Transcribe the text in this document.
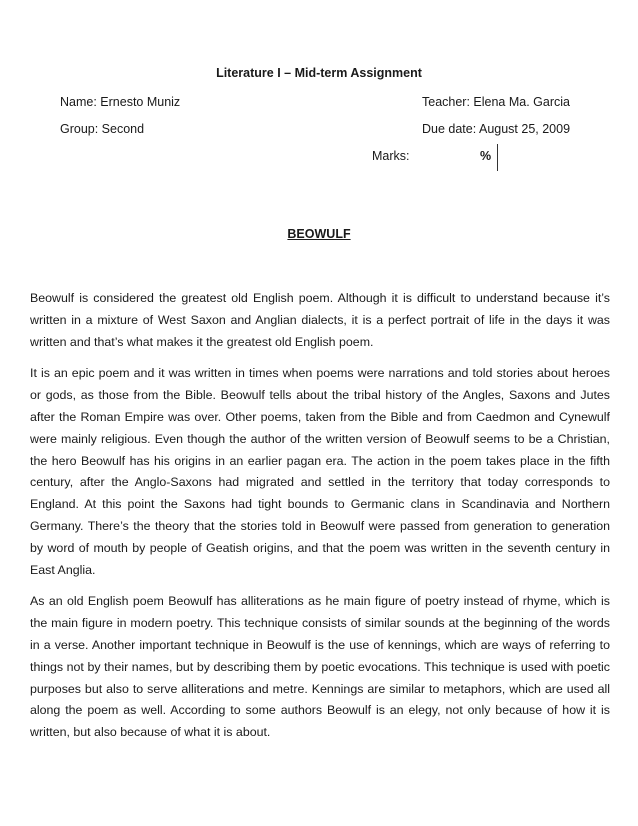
Literature I – Mid-term Assignment
Name: Ernesto Muniz
Group: Second
Teacher: Elena Ma. Garcia
Due date: August 25, 2009
Marks:	%
BEOWULF

Beowulf is considered the greatest old English poem. Although it is difficult to understand because it’s written in a mixture of West Saxon and Anglian dialects, it is a perfect portrait of life in the days it was written and that’s what makes it the greatest old English poem.

It is an epic poem and it was written in times when poems were narrations and told stories about heroes or gods, as those from the Bible. Beowulf tells about the tribal history of the Angles, Saxons and Jutes after the Roman Empire was over. Other poems, taken from the Bible and from Caedmon and Cynewulf were mainly religious. Even though the author of the written version of Beowulf seems to be a Christian, the hero Beowulf has his origins in an earlier pagan era. The action in the poem takes place in the fifth century, after the Anglo-Saxons had migrated and settled in the territory that today corresponds to England. At this point the Saxons had tight bounds to Germanic clans in Scandinavia and Northern Germany. There’s the theory that the stories told in Beowulf were passed from generation to generation by word of mouth by people of Geatish origins, and that the poem was written in the seventh century in East Anglia.

As an old English poem Beowulf has alliterations as he main figure of poetry instead of rhyme, which is the main figure in modern poetry. This technique consists of similar sounds at the beginning of the words in a verse. Another important technique in Beowulf is the use of kennings, which are ways of referring to things not by their names, but by describing them by poetic evocations. This technique is used with poetic purposes but also to serve alliterations and metre. Kennings are similar to metaphors, which are used all along the poem as well. According to some authors Beowulf is an elegy, not only because of how it is written, but also because of what it is about.
